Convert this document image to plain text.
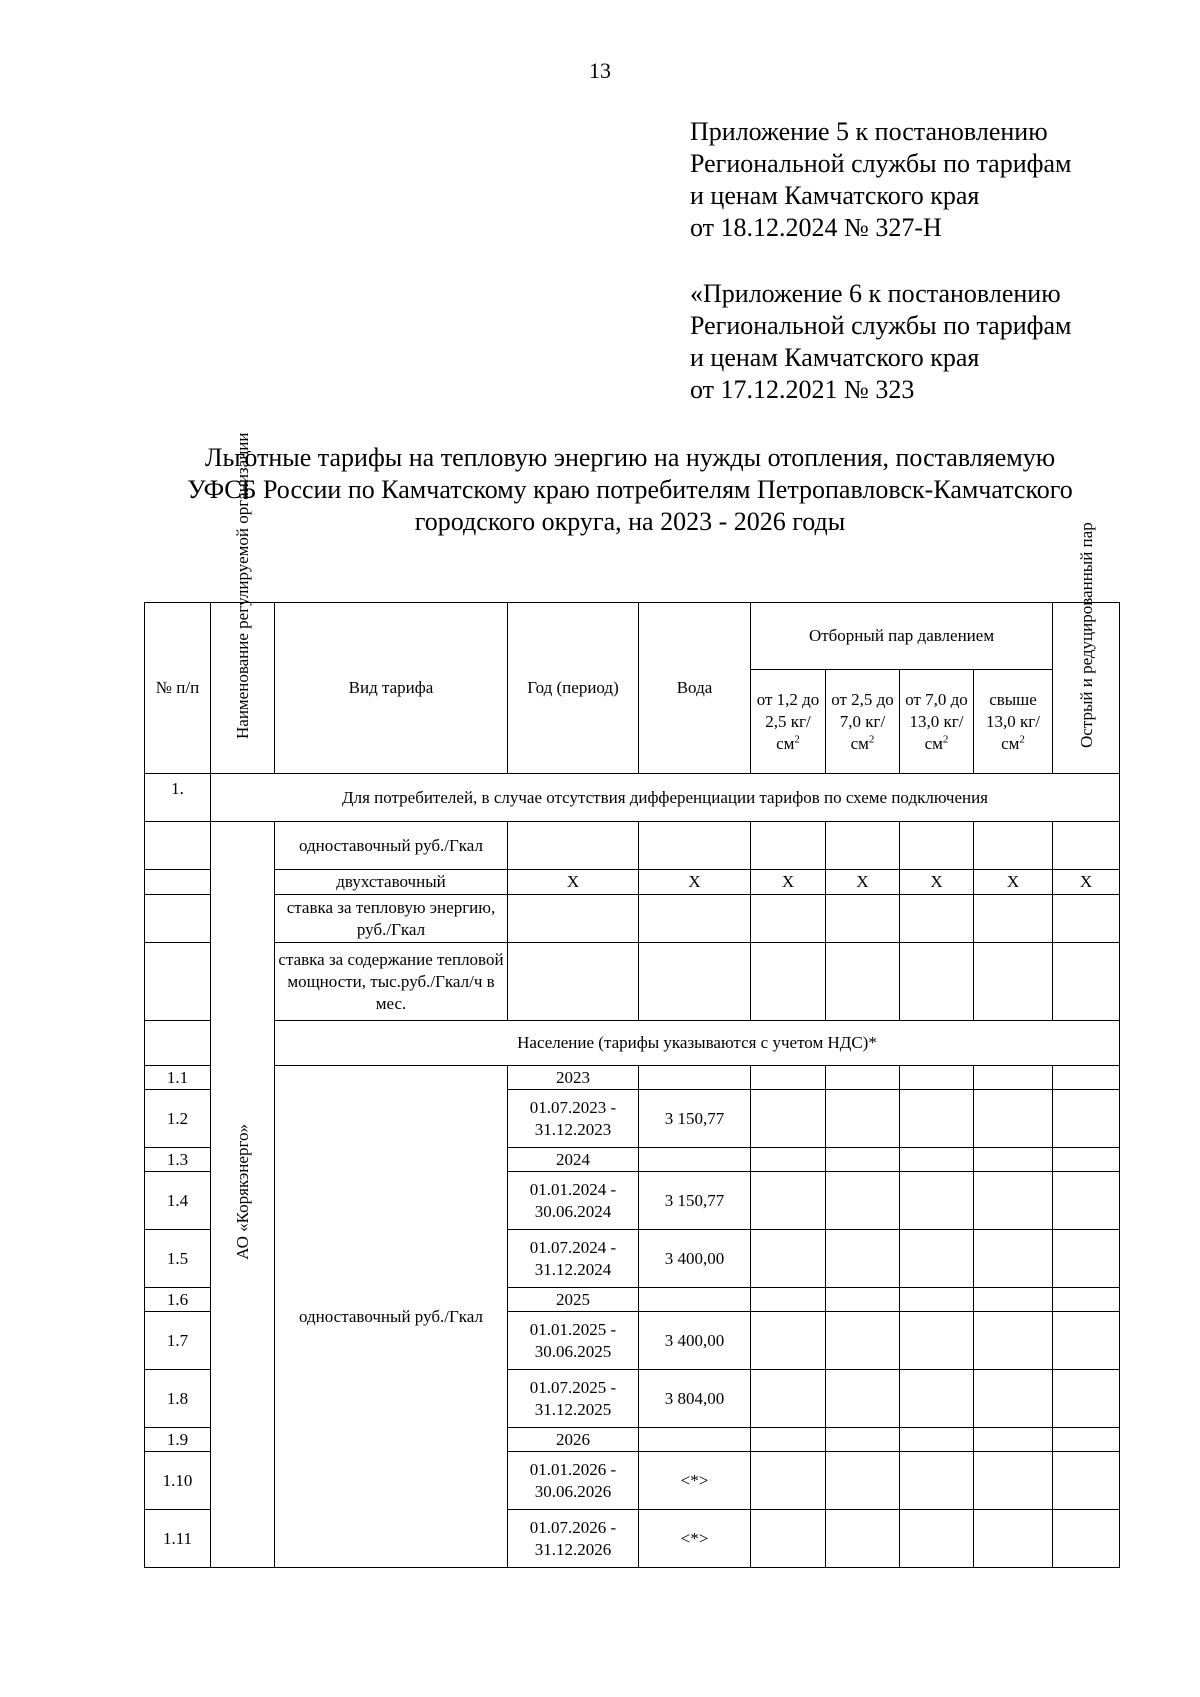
13
Приложение 5 к постановлению
Региональной службы по тарифам
и ценам Камчатского края
от 18.12.2024 № 327-Н
«Приложение 6 к постановлению
Региональной службы по тарифам
и ценам Камчатского края
от 17.12.2021 № 323
Льготные тарифы на тепловую энергию на нужды отопления, поставляемую
УФСБ России по Камчатскому краю потребителям Петропавловск-Камчатского
городского округа, на 2023 - 2026 годы
№ п/п	Наименование регулируемой организации	Вид тарифа	Год (период)	Вода	Отборный пар давлением				Острый и редуцированный пар
					от 1,2 до 2,5 $кг/см^2$	от 2,5 до 7,0 $кг/см^2$	от 7,0 до 13,0 $кг/см^2$	свыше 13,0 $кг/см^2$
1.	Для потребителей, в случае отсутствия дифференциации тарифов по схеме подключения								
	АО «Корякэнерго»	одноставочный руб./Гкал							
		двухставочный	X	X	X	X	X	X	X
		ставка за тепловую энергию, руб./Гкал							
		ставка за содержание тепловой мощности, тыс.руб./Гкал/ч в мес.							
		Население (тарифы указываются с учетом НДС)*							
1.1		одноставочный руб./Гкал	2023						
1.2			01.07.2023 - 31.12.2023	3 150,77					
1.3			2024						
1.4			01.01.2024 - 30.06.2024	3 150,77					
1.5			01.07.2024 - 31.12.2024	3 400,00					
1.6			2025						
1.7			01.01.2025 - 30.06.2025	3 400,00					
1.8			01.07.2025 - 31.12.2025	3 804,00					
1.9			2026						
1.10			01.01.2026 - 30.06.2026	<*>					
1.11			01.07.2026 - 31.12.2026	<*>					
